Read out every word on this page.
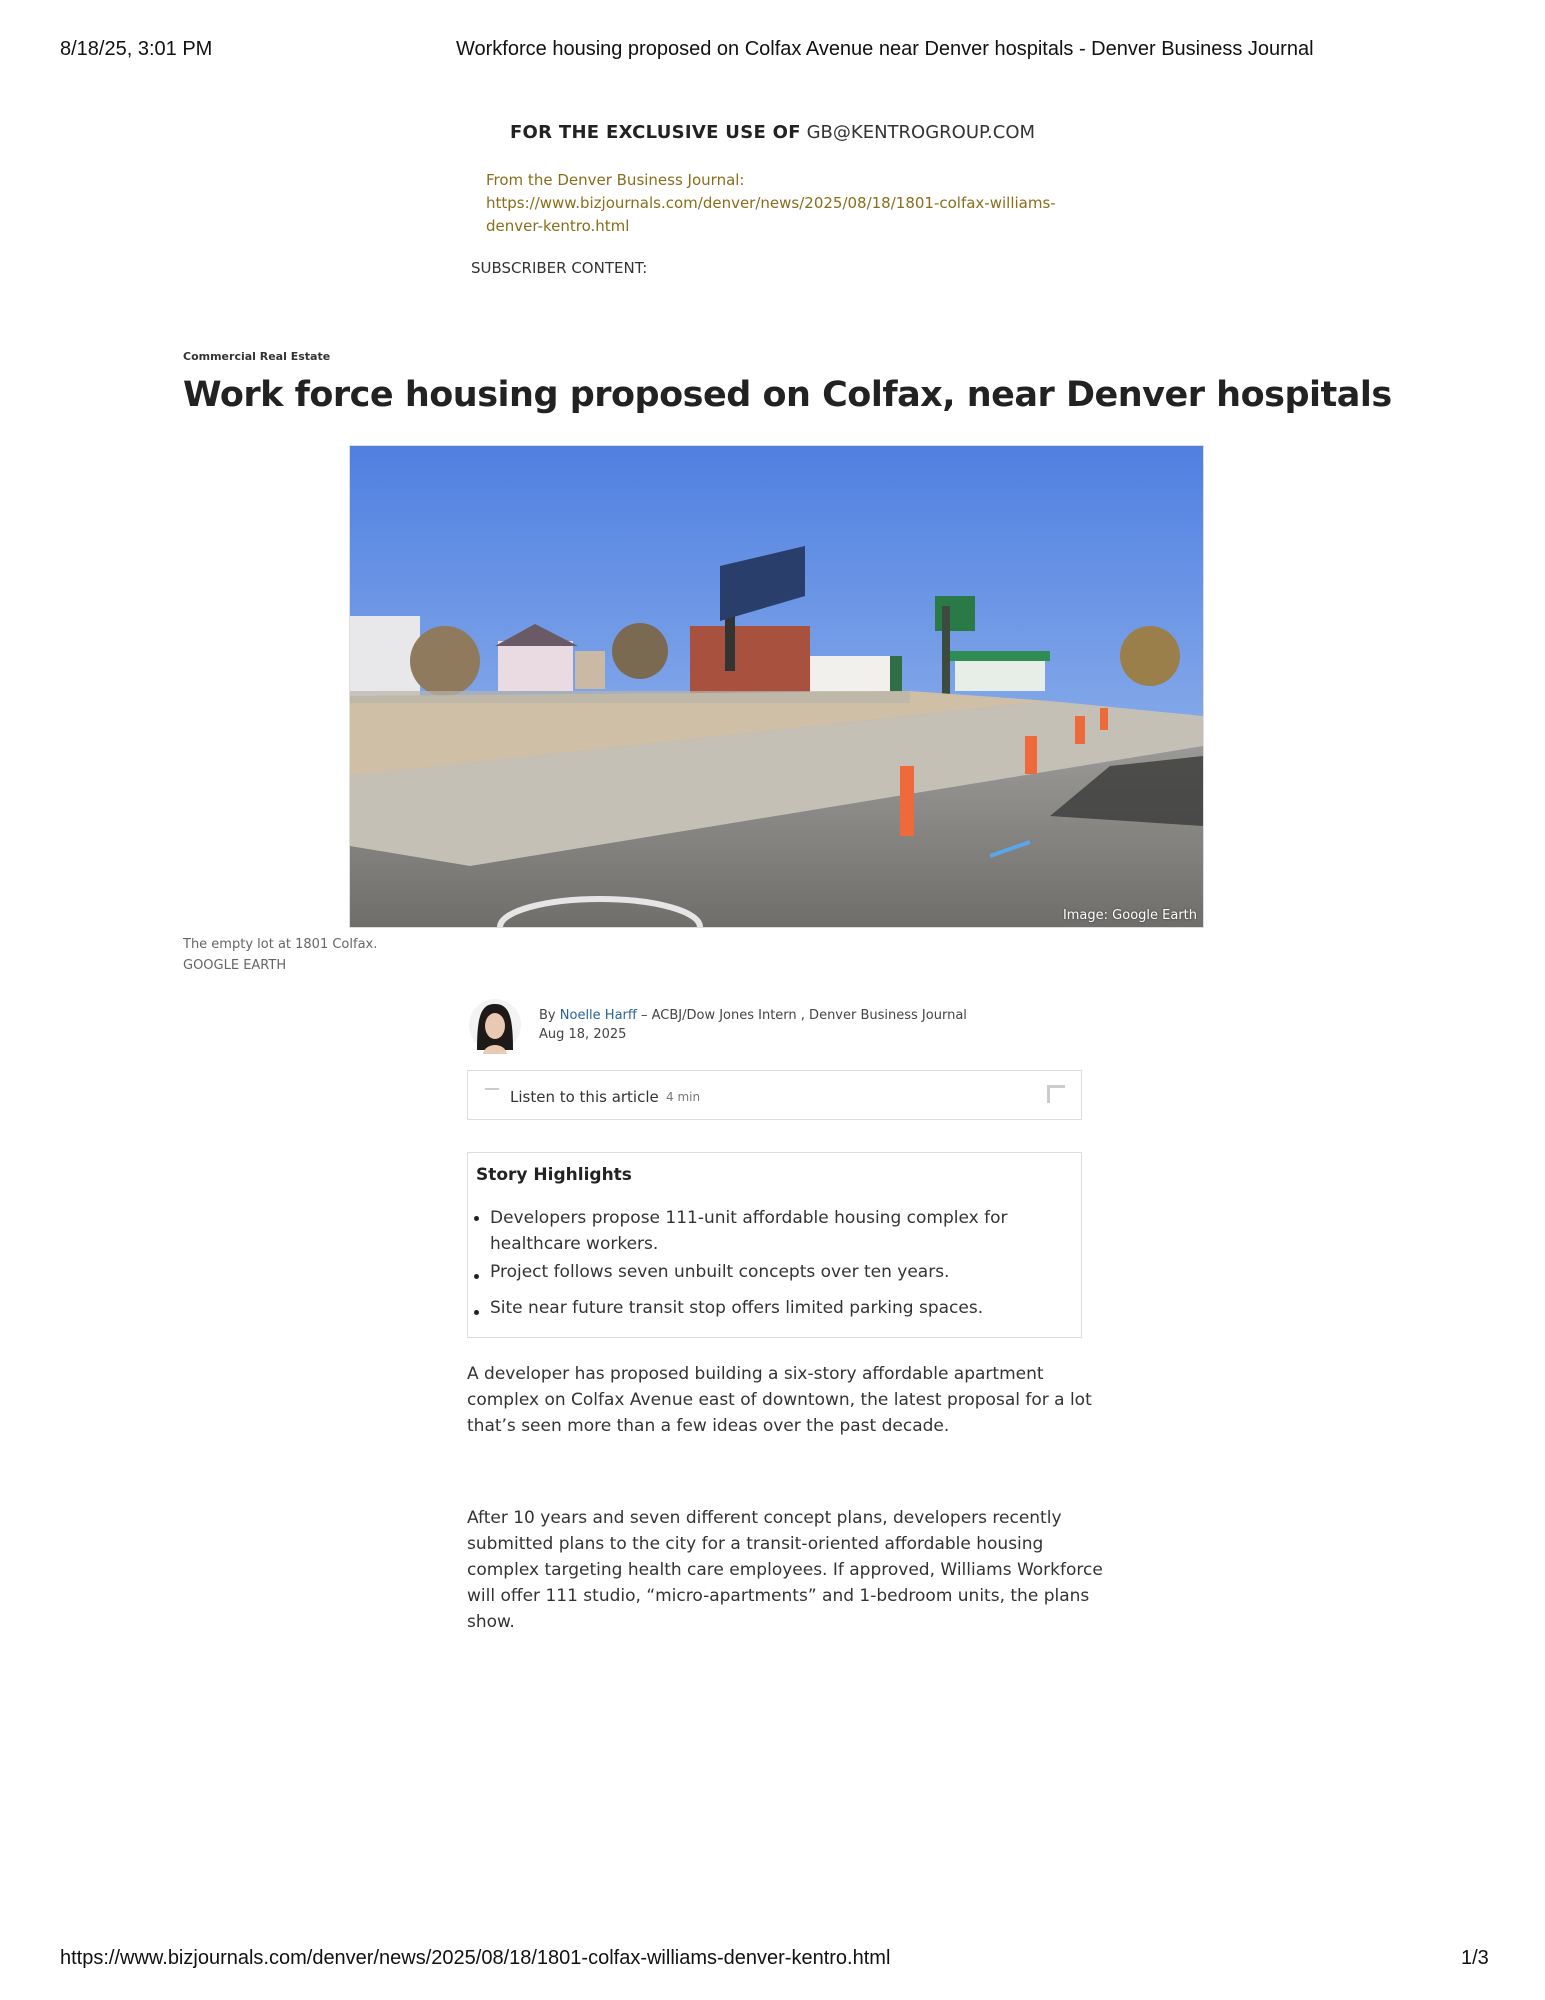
8/18/25, 3:01 PM	Workforce housing proposed on Colfax Avenue near Denver hospitals - Denver Business Journal
FOR THE EXCLUSIVE USE OF GB@KENTROGROUP.COM
From the Denver Business Journal:
https://www.bizjournals.com/denver/news/2025/08/18/1801-colfax-williams-
denver-kentro.html
SUBSCRIBER CONTENT:
Commercial Real Estate
Work force housing proposed on Colfax, near Denver hospitals
Image: Google Earth
The empty lot at 1801 Colfax.
GOOGLE EARTH
By Noelle Harff – ACBJ/Dow Jones Intern , Denver Business Journal
Aug 18, 2025
Listen to this article 4 min
Story Highlights
Developers propose 111-unit affordable housing complex for healthcare workers.
Project follows seven unbuilt concepts over ten years.
Site near future transit stop offers limited parking spaces.

A developer has proposed building a six-story affordable apartment complex on Colfax Avenue east of downtown, the latest proposal for a lot that’s seen more than a few ideas over the past decade.

After 10 years and seven different concept plans, developers recently submitted plans to the city for a transit-oriented affordable housing complex targeting health care employees. If approved, Williams Workforce will offer 111 studio, “micro-apartments” and 1-bedroom units, the plans show.

https://www.bizjournals.com/denver/news/2025/08/18/1801-colfax-williams-denver-kentro.html	1/3
